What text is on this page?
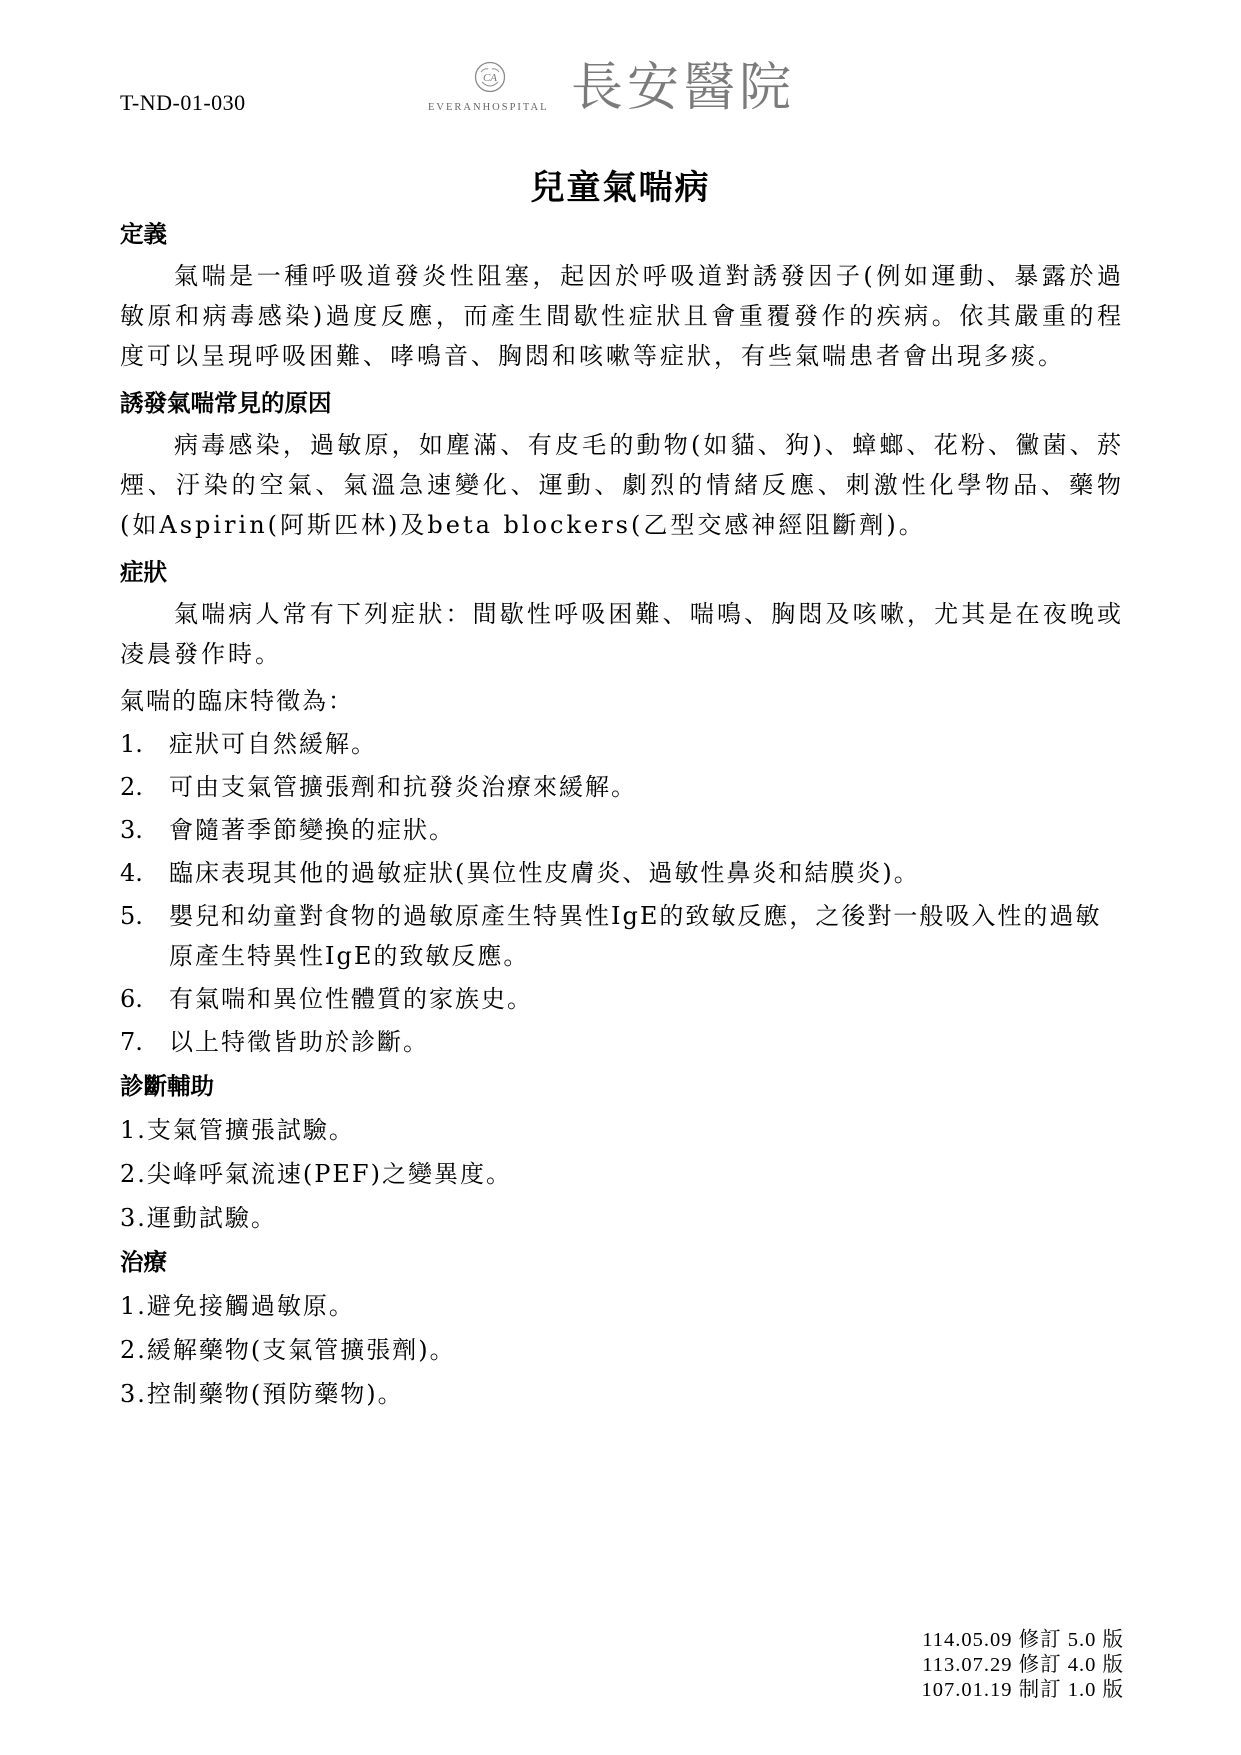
T-ND-01-030
CA
EVERANHOSPITAL 長安醫院
兒童氣喘病
定義

氣喘是一種呼吸道發炎性阻塞，起因於呼吸道對誘發因子(例如運動、暴露於過敏原和病毒感染)過度反應，而產生間歇性症狀且會重覆發作的疾病。依其嚴重的程度可以呈現呼吸困難、哮鳴音、胸悶和咳嗽等症狀，有些氣喘患者會出現多痰。

誘發氣喘常見的原因

病毒感染，過敏原，如塵滿、有皮毛的動物(如貓、狗)、蟑螂、花粉、黴菌、菸煙、汙染的空氣、氣溫急速變化、運動、劇烈的情緒反應、刺激性化學物品、藥物(如Aspirin(阿斯匹林)及beta blockers(乙型交感神經阻斷劑)。

症狀

氣喘病人常有下列症狀：間歇性呼吸困難、喘鳴、胸悶及咳嗽，尤其是在夜晚或凌晨發作時。

氣喘的臨床特徵為：
1.	症狀可自然緩解。
2.	可由支氣管擴張劑和抗發炎治療來緩解。
3.	會隨著季節變換的症狀。
4.	臨床表現其他的過敏症狀(異位性皮膚炎、過敏性鼻炎和結膜炎)。
5.	嬰兒和幼童對食物的過敏原產生特異性IgE的致敏反應，之後對一般吸入性的過敏原產生特異性IgE的致敏反應。
6.	有氣喘和異位性體質的家族史。
7.	以上特徵皆助於診斷。
診斷輔助
1.支氣管擴張試驗。
2.尖峰呼氣流速(PEF)之變異度。
3.運動試驗。
治療
1.避免接觸過敏原。
2.緩解藥物(支氣管擴張劑)。
3.控制藥物(預防藥物)。
114.05.09 修訂 5.0 版
113.07.29 修訂 4.0 版
107.01.19 制訂 1.0 版
